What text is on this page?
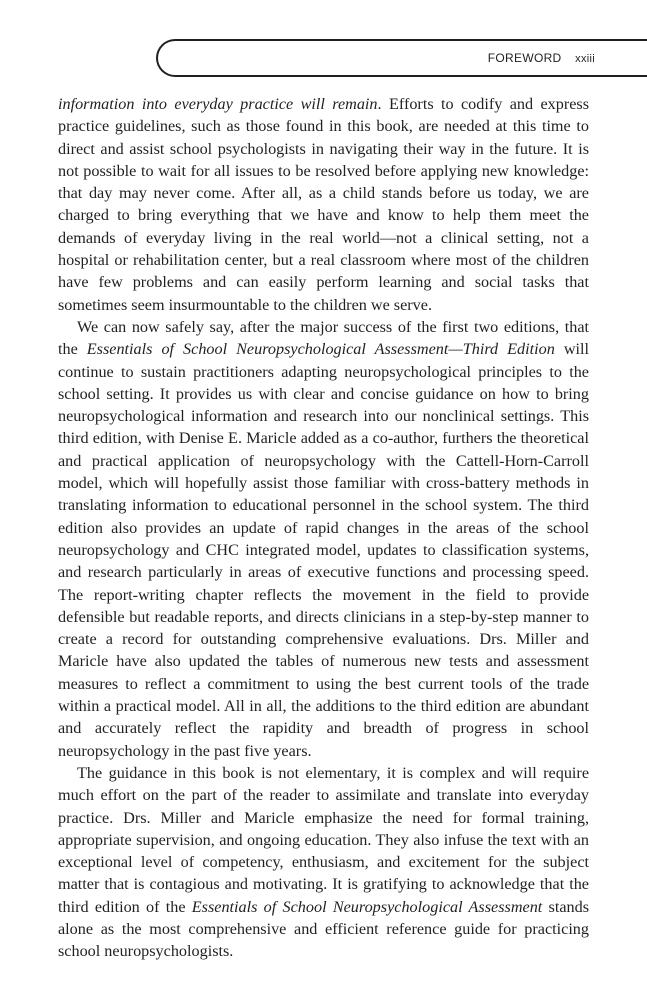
FOREWORD xxiii

information into everyday practice will remain. Efforts to codify and express practice guidelines, such as those found in this book, are needed at this time to direct and assist school psychologists in navigating their way in the future. It is not possible to wait for all issues to be resolved before applying new knowledge: that day may never come. After all, as a child stands before us today, we are charged to bring everything that we have and know to help them meet the demands of everyday living in the real world—not a clinical setting, not a hospital or rehabilitation center, but a real classroom where most of the children have few problems and can easily perform learning and social tasks that sometimes seem insurmountable to the children we serve.

We can now safely say, after the major success of the first two editions, that the Essentials of School Neuropsychological Assessment—Third Edition will continue to sustain practitioners adapting neuropsychological principles to the school setting. It provides us with clear and concise guidance on how to bring neuropsychological information and research into our nonclinical settings. This third edition, with Denise E. Maricle added as a co-author, furthers the theoretical and practical application of neuropsychology with the Cattell-Horn-Carroll model, which will hopefully assist those familiar with cross-battery methods in translating information to educational personnel in the school system. The third edition also provides an update of rapid changes in the areas of the school neuropsychology and CHC integrated model, updates to classification systems, and research particularly in areas of executive functions and processing speed. The report-writing chapter reflects the movement in the field to provide defensible but readable reports, and directs clinicians in a step-by-step manner to create a record for outstanding comprehensive evaluations. Drs. Miller and Maricle have also updated the tables of numerous new tests and assessment measures to reflect a commitment to using the best current tools of the trade within a practical model. All in all, the additions to the third edition are abundant and accurately reflect the rapidity and breadth of progress in school neuropsychology in the past five years.

The guidance in this book is not elementary, it is complex and will require much effort on the part of the reader to assimilate and translate into everyday practice. Drs. Miller and Maricle emphasize the need for formal training, appropriate supervision, and ongoing education. They also infuse the text with an exceptional level of competency, enthusiasm, and excitement for the subject matter that is contagious and motivating. It is gratifying to acknowledge that the third edition of the Essentials of School Neuropsychological Assessment stands alone as the most comprehensive and efficient reference guide for practicing school neuropsychologists.
